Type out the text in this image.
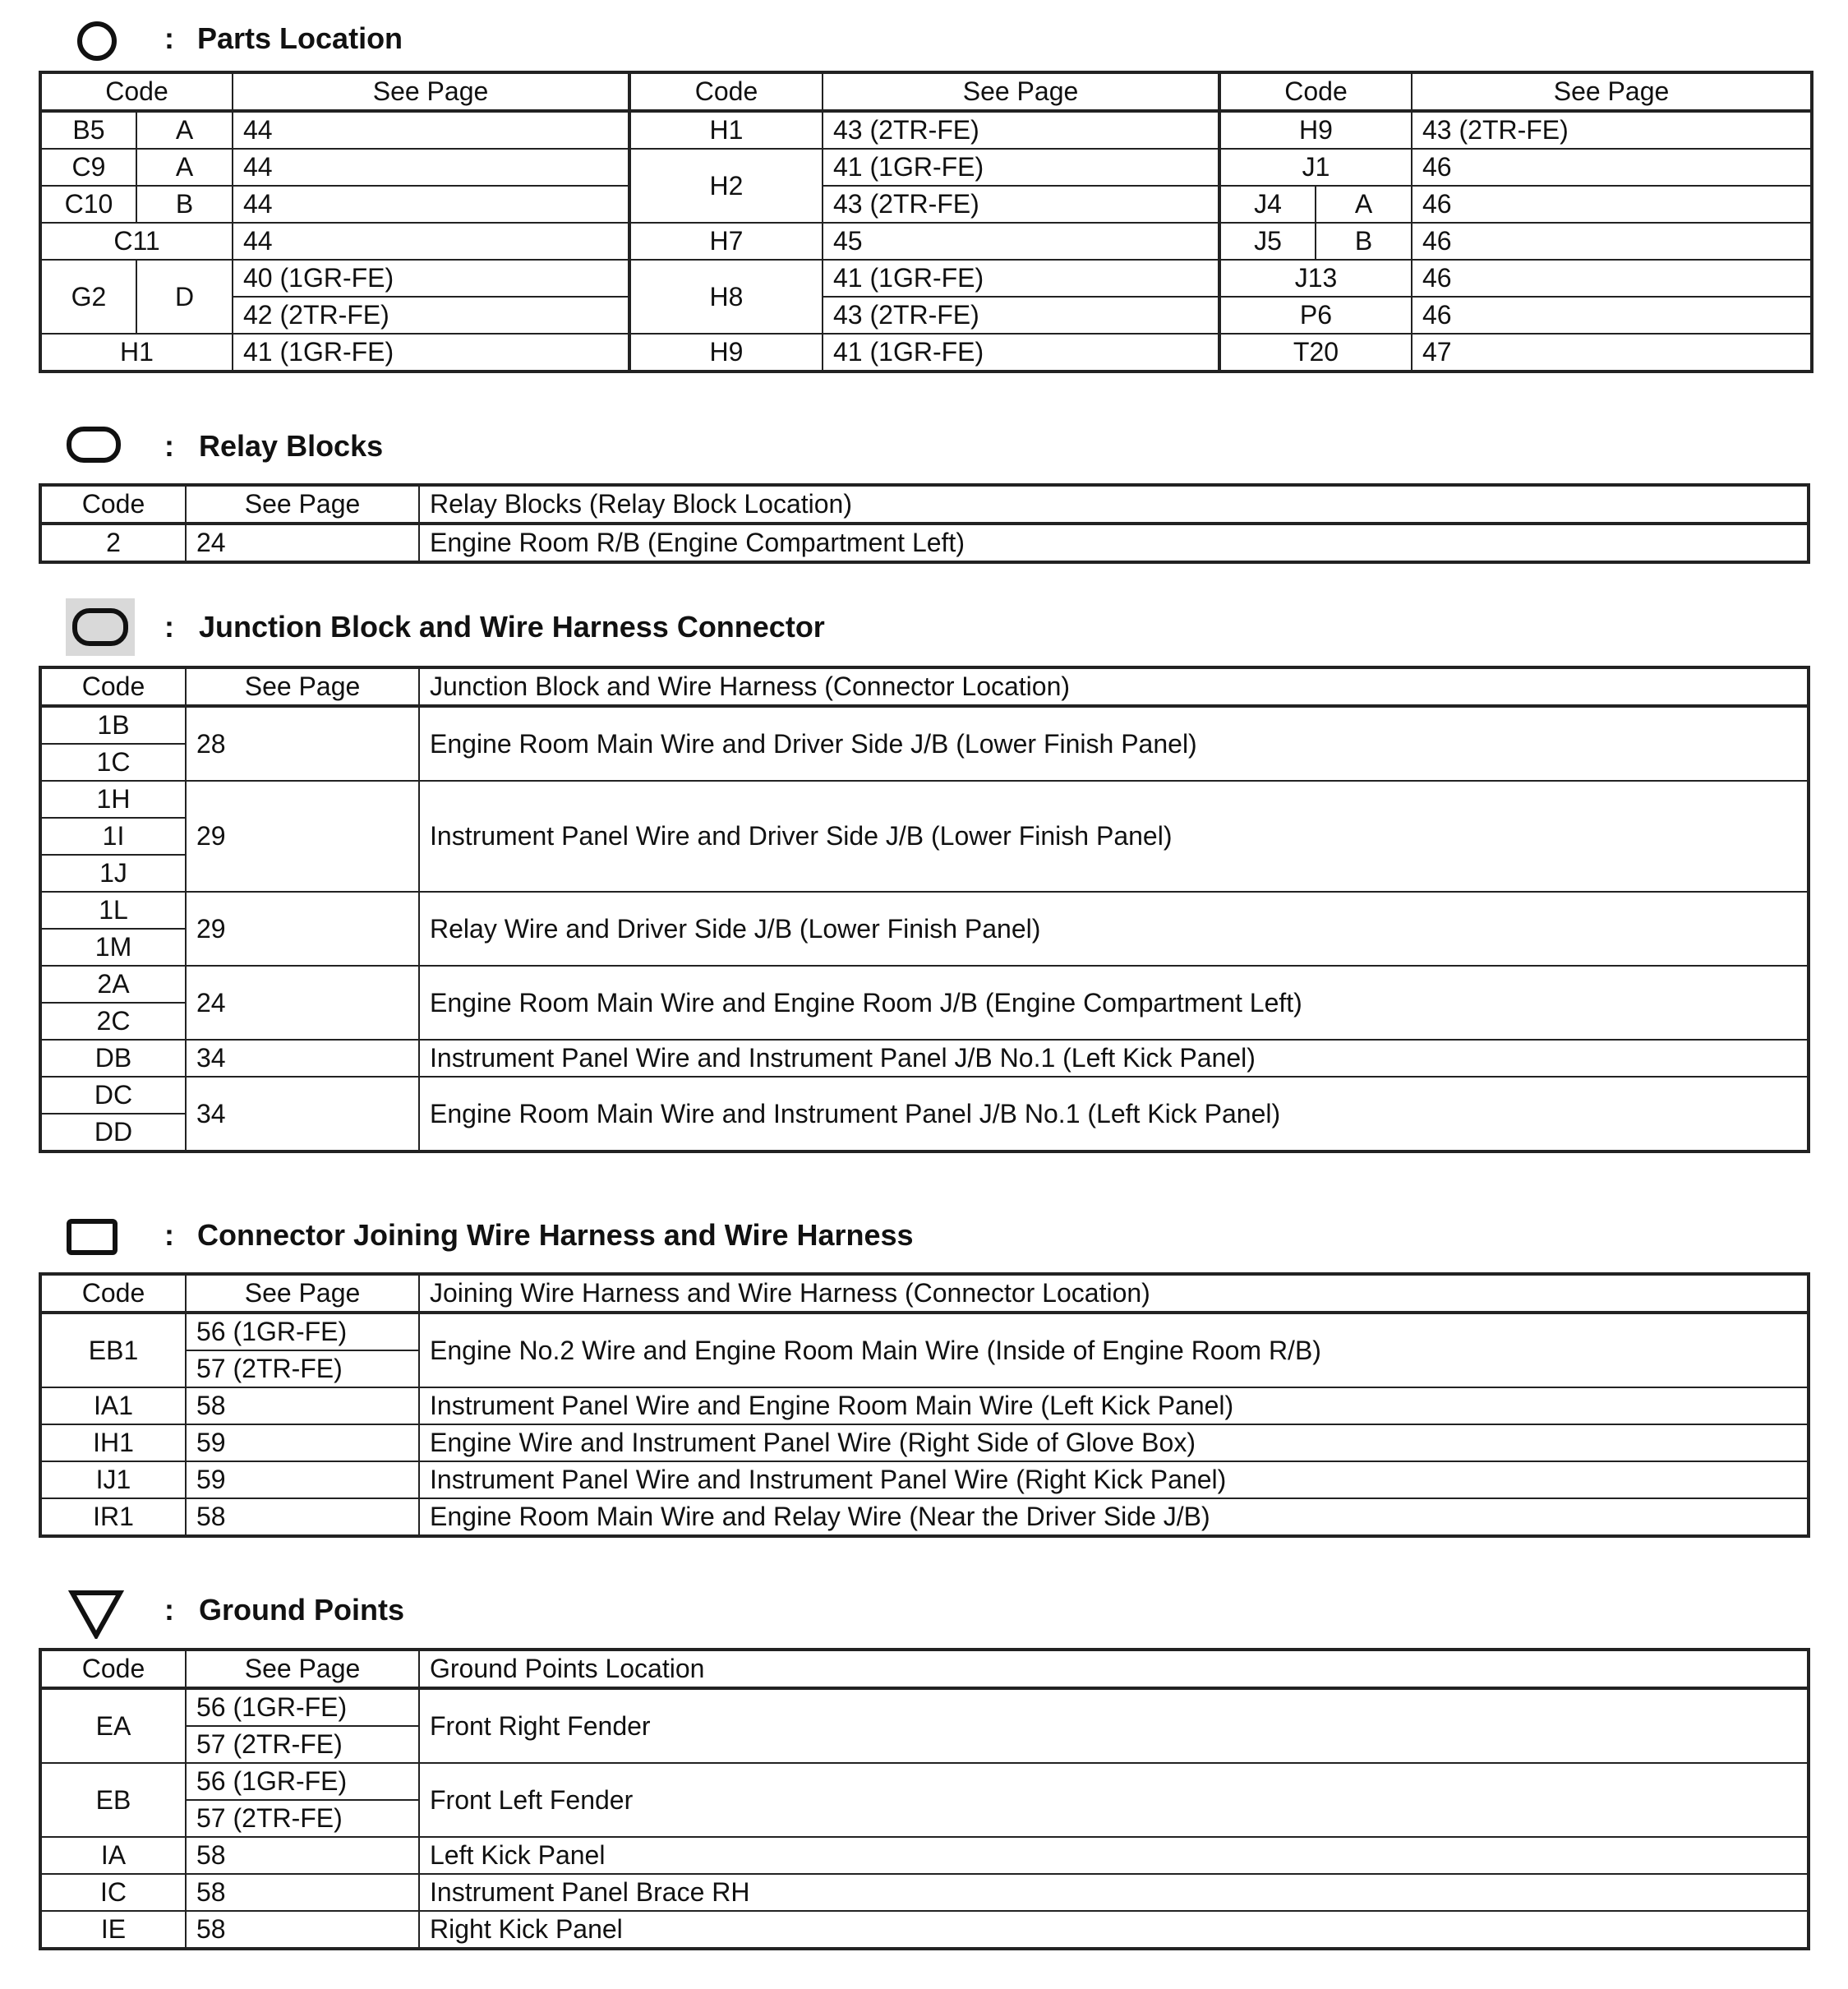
: Parts Location
Code		See Page	Code	See Page	Code		See Page
B5	A	44	H1	43 (2TR-FE)	H9		43 (2TR-FE)
C9	A	44	H2	41 (1GR-FE)	J1		46
C10	B	44		43 (2TR-FE)	J4	A	46
C11		44	H7	45	J5	B	46
G2	D	40 (1GR-FE)	H8	41 (1GR-FE)	J13		46
		42 (2TR-FE)		43 (2TR-FE)	P6		46
H1		41 (1GR-FE)	H9	41 (1GR-FE)	T20		47
: Relay Blocks
Code	See Page	Relay Blocks (Relay Block Location)
2	24	Engine Room R/B (Engine Compartment Left)
: Junction Block and Wire Harness Connector
Code	See Page	Junction Block and Wire Harness (Connector Location)
1B	28	Engine Room Main Wire and Driver Side J/B (Lower Finish Panel)
1C		
1H	29	Instrument Panel Wire and Driver Side J/B (Lower Finish Panel)
1I		
1J		
1L	29	Relay Wire and Driver Side J/B (Lower Finish Panel)
1M		
2A	24	Engine Room Main Wire and Engine Room J/B (Engine Compartment Left)
2C		
DB	34	Instrument Panel Wire and Instrument Panel J/B No.1 (Left Kick Panel)
DC	34	Engine Room Main Wire and Instrument Panel J/B No.1 (Left Kick Panel)
DD		
: Connector Joining Wire Harness and Wire Harness
Code	See Page	Joining Wire Harness and Wire Harness (Connector Location)
EB1	56 (1GR-FE)	Engine No.2 Wire and Engine Room Main Wire (Inside of Engine Room R/B)
	57 (2TR-FE)	
IA1	58	Instrument Panel Wire and Engine Room Main Wire (Left Kick Panel)
IH1	59	Engine Wire and Instrument Panel Wire (Right Side of Glove Box)
IJ1	59	Instrument Panel Wire and Instrument Panel Wire (Right Kick Panel)
IR1	58	Engine Room Main Wire and Relay Wire (Near the Driver Side J/B)
: Ground Points
Code	See Page	Ground Points Location
EA	56 (1GR-FE)	Front Right Fender
	57 (2TR-FE)	
EB	56 (1GR-FE)	Front Left Fender
	57 (2TR-FE)	
IA	58	Left Kick Panel
IC	58	Instrument Panel Brace RH
IE	58	Right Kick Panel
